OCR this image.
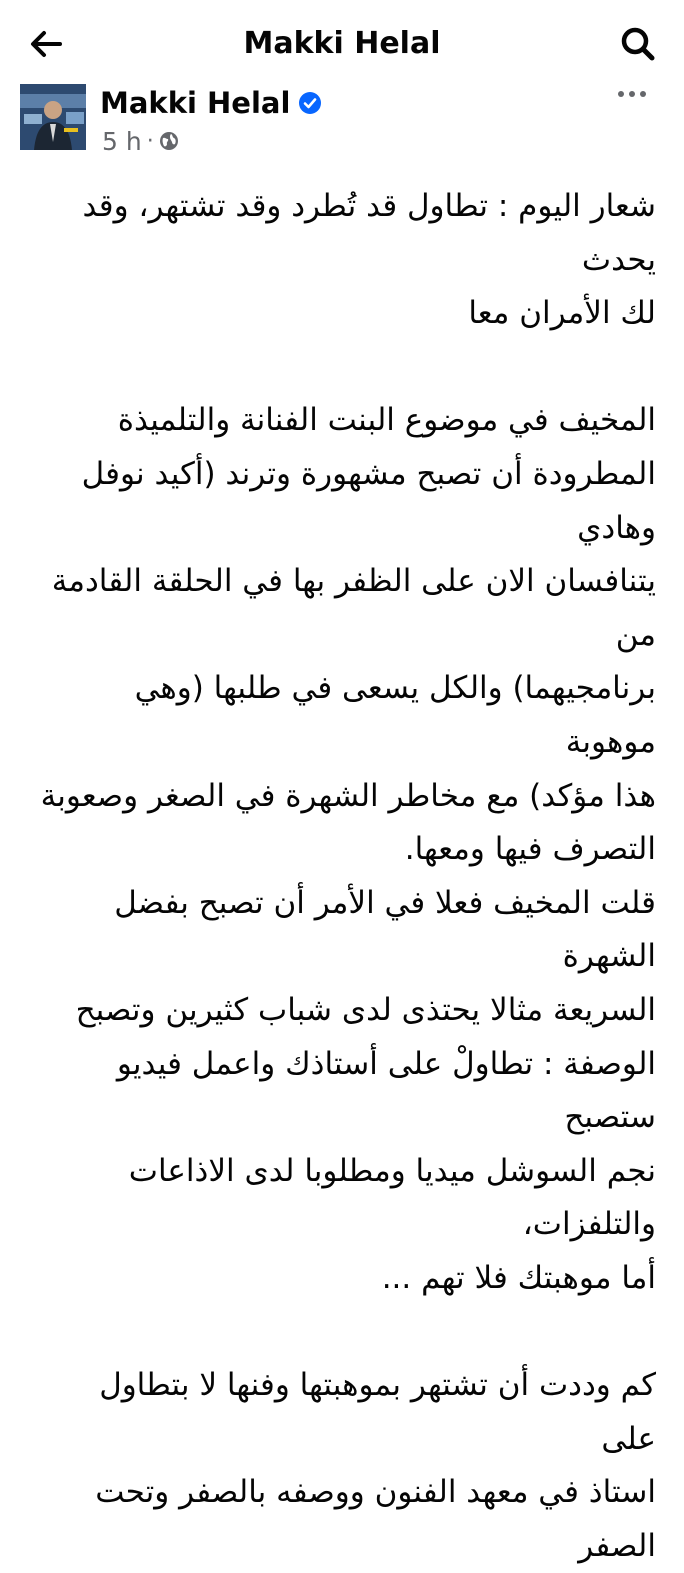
Makki Helal
Makki Helal
5 h ·

شعار اليوم : تطاول قد تُطرد وقد تشتهر، وقد يحدث

لك الأمران معا

المخيف في موضوع البنت الفنانة والتلميذة

المطرودة أن تصبح مشهورة وترند (أكيد نوفل وهادي

يتنافسان الان على الظفر بها في الحلقة القادمة من

برنامجيهما) والكل يسعى في طلبها (وهي موهوبة

هذا مؤكد) مع مخاطر الشهرة في الصغر وصعوبة

التصرف فيها ومعها.

قلت المخيف فعلا في الأمر أن تصبح بفضل الشهرة

السريعة مثالا يحتذى لدى شباب كثيرين وتصبح

الوصفة : تطاولْ على أستاذك واعمل فيديو ستصبح

نجم السوشل ميديا ومطلوبا لدى الاذاعات والتلفزات،

أما موهبتك فلا تهم ...

كم وددت أن تشتهر بموهبتها وفنها لا بتطاول على

استاذ في معهد الفنون ووصفه بالصفر وتحت الصفر
